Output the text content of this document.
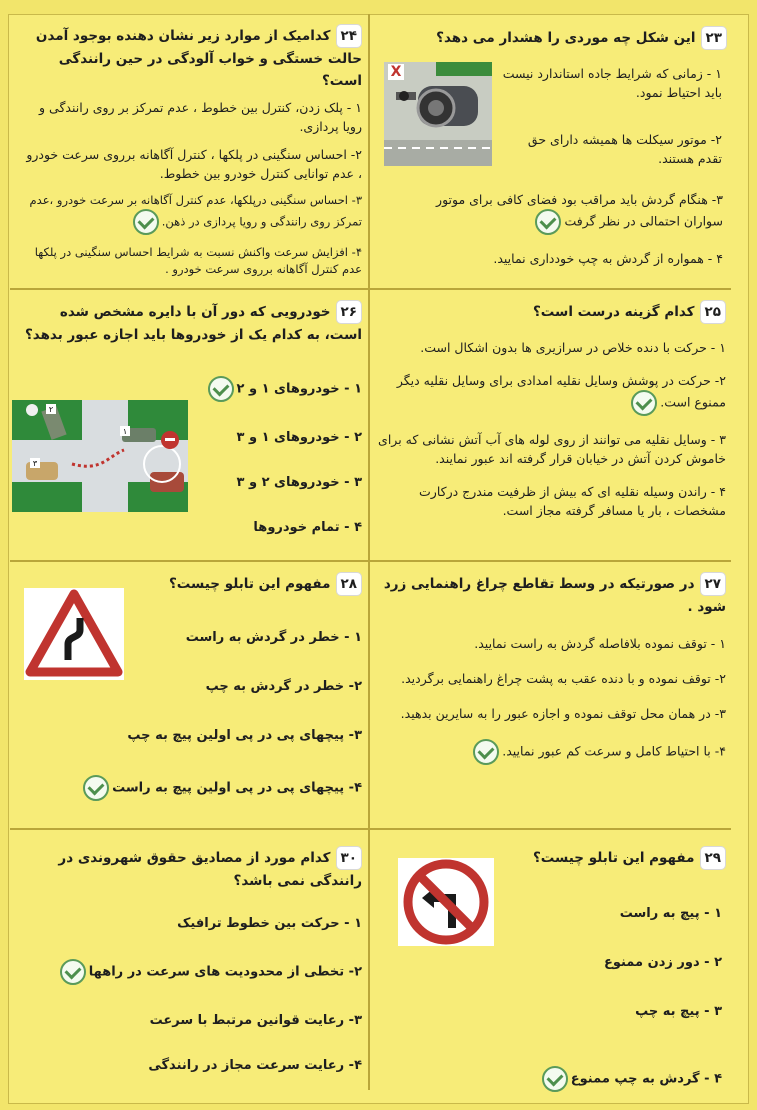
۲۳این شکل چه موردی را هشدار می دهد؟
X	۱ - زمانی که شرایط جاده استاندارد نیست باید احتیاط نمود.
۲- موتور سیکلت ها همیشه دارای حق تقدم هستند.
۳- هنگام گردش باید مراقب بود فضای کافی برای موتور سواران احتمالی در نظر گرفت
۴ - همواره از گردش به چپ خودداری نمایید.
۲۴کدامیک از موارد زیر نشان دهنده بوجود آمدن حالت خستگی و خواب آلودگی در حین رانندگی است؟
۱ - پلک زدن، کنترل بین خطوط ، عدم تمرکز بر روی رانندگی و رویا پردازی.
۲- احساس سنگینی در پلکها ، کنترل آگاهانه برروی سرعت خودرو ، عدم توانایی کنترل خودرو بین خطوط.
۳- احساس سنگینی درپلکها، عدم کنترل آگاهانه بر سرعت خودرو ،عدم تمرکز روی رانندگی و رویا پردازی در ذهن.
۴- افزایش سرعت واکنش نسبت به شرایط احساس سنگینی در پلکها عدم کنترل آگاهانه برروی سرعت خودرو .
۲۵کدام گزینه درست است؟
۱ - حرکت با دنده خلاص در سرازیری ها بدون اشکال است.
۲- حرکت در پوشش وسایل نقلیه امدادی برای وسایل نقلیه دیگر ممنوع است.
۳ - وسایل نقلیه می توانند از روی لوله های آب آتش نشانی که برای خاموش کردن آتش در خیابان قرار گرفته اند عبور نمایند.
۴ - راندن وسیله نقلیه ای که بیش از ظرفیت مندرج درکارت مشخصات ، بار یا مسافر گرفته مجاز است.
۲۶خودرویی که دور آن با دایره مشخص شده است، به کدام یک از خودروها باید اجازه عبور بدهد؟
۱ - خودروهای ۱ و ۲
۲ - خودروهای ۱ و ۳
۳ - خودروهای ۲ و ۳
۴ - تمام خودروها
۱
۲
۳
۲۷در صورتیکه در وسط تقاطع چراغ راهنمایی زرد شود .
۱ - توقف نموده بلافاصله گردش به راست نمایید.
۲- توقف نموده و با دنده عقب به پشت چراغ راهنمایی برگردید.
۳- در همان محل توقف نموده و اجازه عبور را به سایرین بدهید.
۴- با احتیاط کامل و سرعت کم عبور نمایید.
۲۸مفهوم این تابلو چیست؟
۱ - خطر در گردش به راست
۲- خطر در گردش به چپ
۳- پیچهای پی در پی اولین پیچ به چپ
۴- پیچهای پی در پی اولین پیچ به راست
۲۹مفهوم این تابلو چیست؟
۱ - پیچ به راست
۲ - دور زدن ممنوع
۳ - پیچ به چپ
۴ - گردش به چپ ممنوع
۳۰کدام مورد از مصادیق حقوق شهروندی در رانندگی نمی باشد؟
۱ - حرکت بین خطوط ترافیک
۲- تخطی از محدودیت های سرعت در راهها
۳- رعایت قوانین مرتبط با سرعت
۴- رعایت سرعت مجاز در رانندگی
